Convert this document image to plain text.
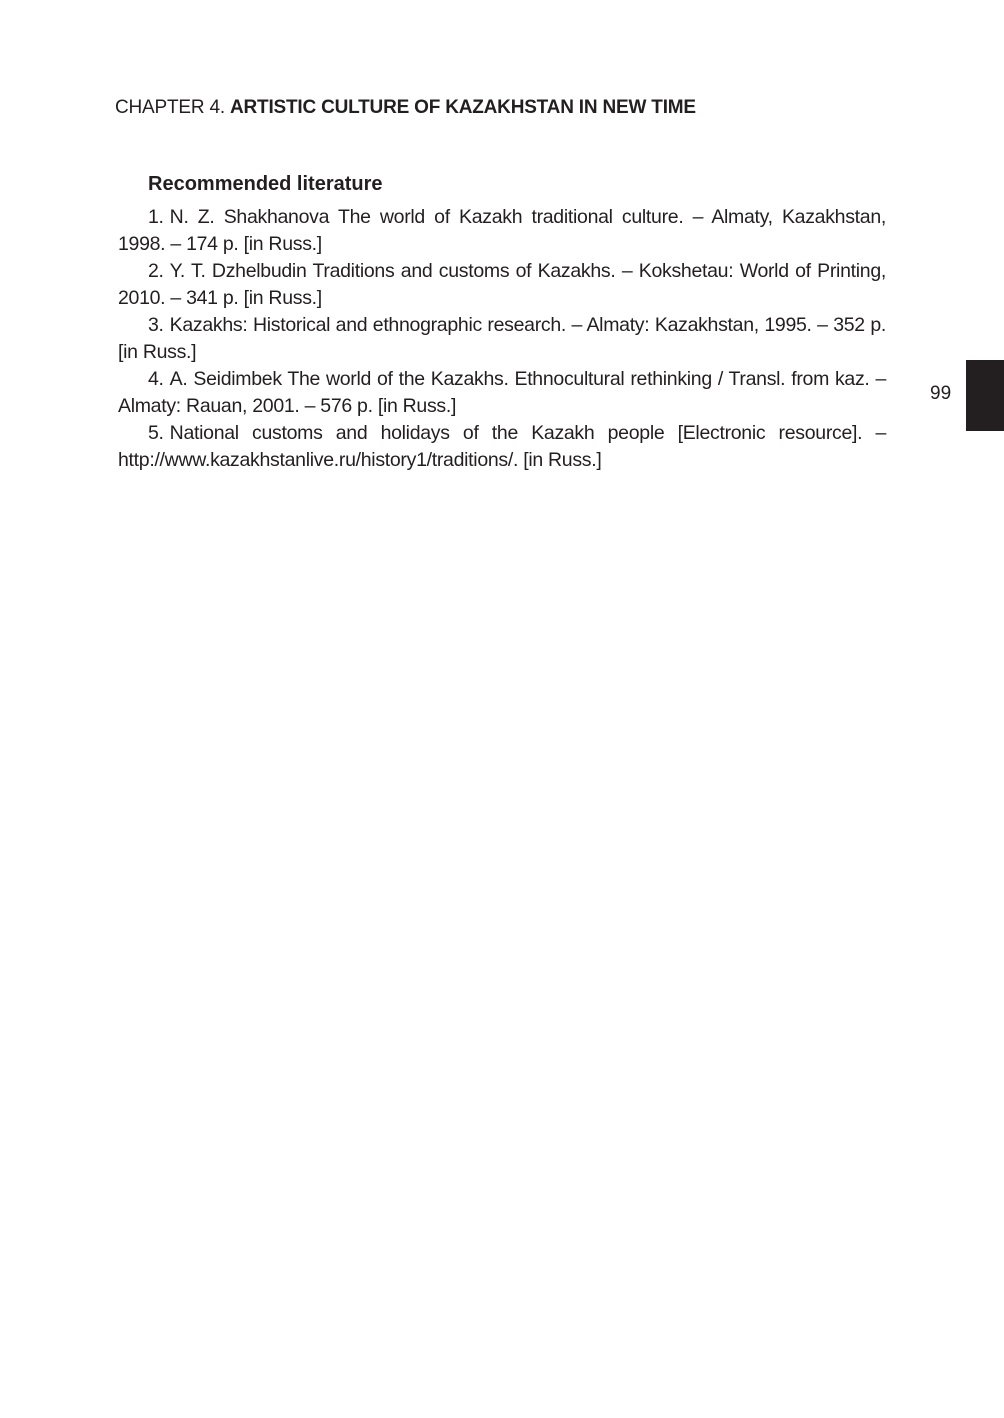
CHAPTER 4. ARTISTIC CULTURE OF KAZAKHSTAN IN NEW TIME
Recommended literature
1. N. Z. Shakhanova The world of Kazakh traditional culture. – Almaty, Kazakhstan, 1998. – 174 p. [in Russ.]
2. Y. T. Dzhelbudin Traditions and customs of Kazakhs. – Kokshetau: World of Printing, 2010. – 341 p. [in Russ.]
3. Kazakhs: Historical and ethnographic research. – Almaty: Kazakhstan, 1995. – 352 p. [in Russ.]
4. A. Seidimbek The world of the Kazakhs. Ethnocultural rethinking / Transl. from kaz. – Almaty: Rauan, 2001. – 576 p. [in Russ.]
5. National customs and holidays of the Kazakh people [Electronic resource]. – http://www.kazakhstanlive.ru/history1/traditions/. [in Russ.]
99
